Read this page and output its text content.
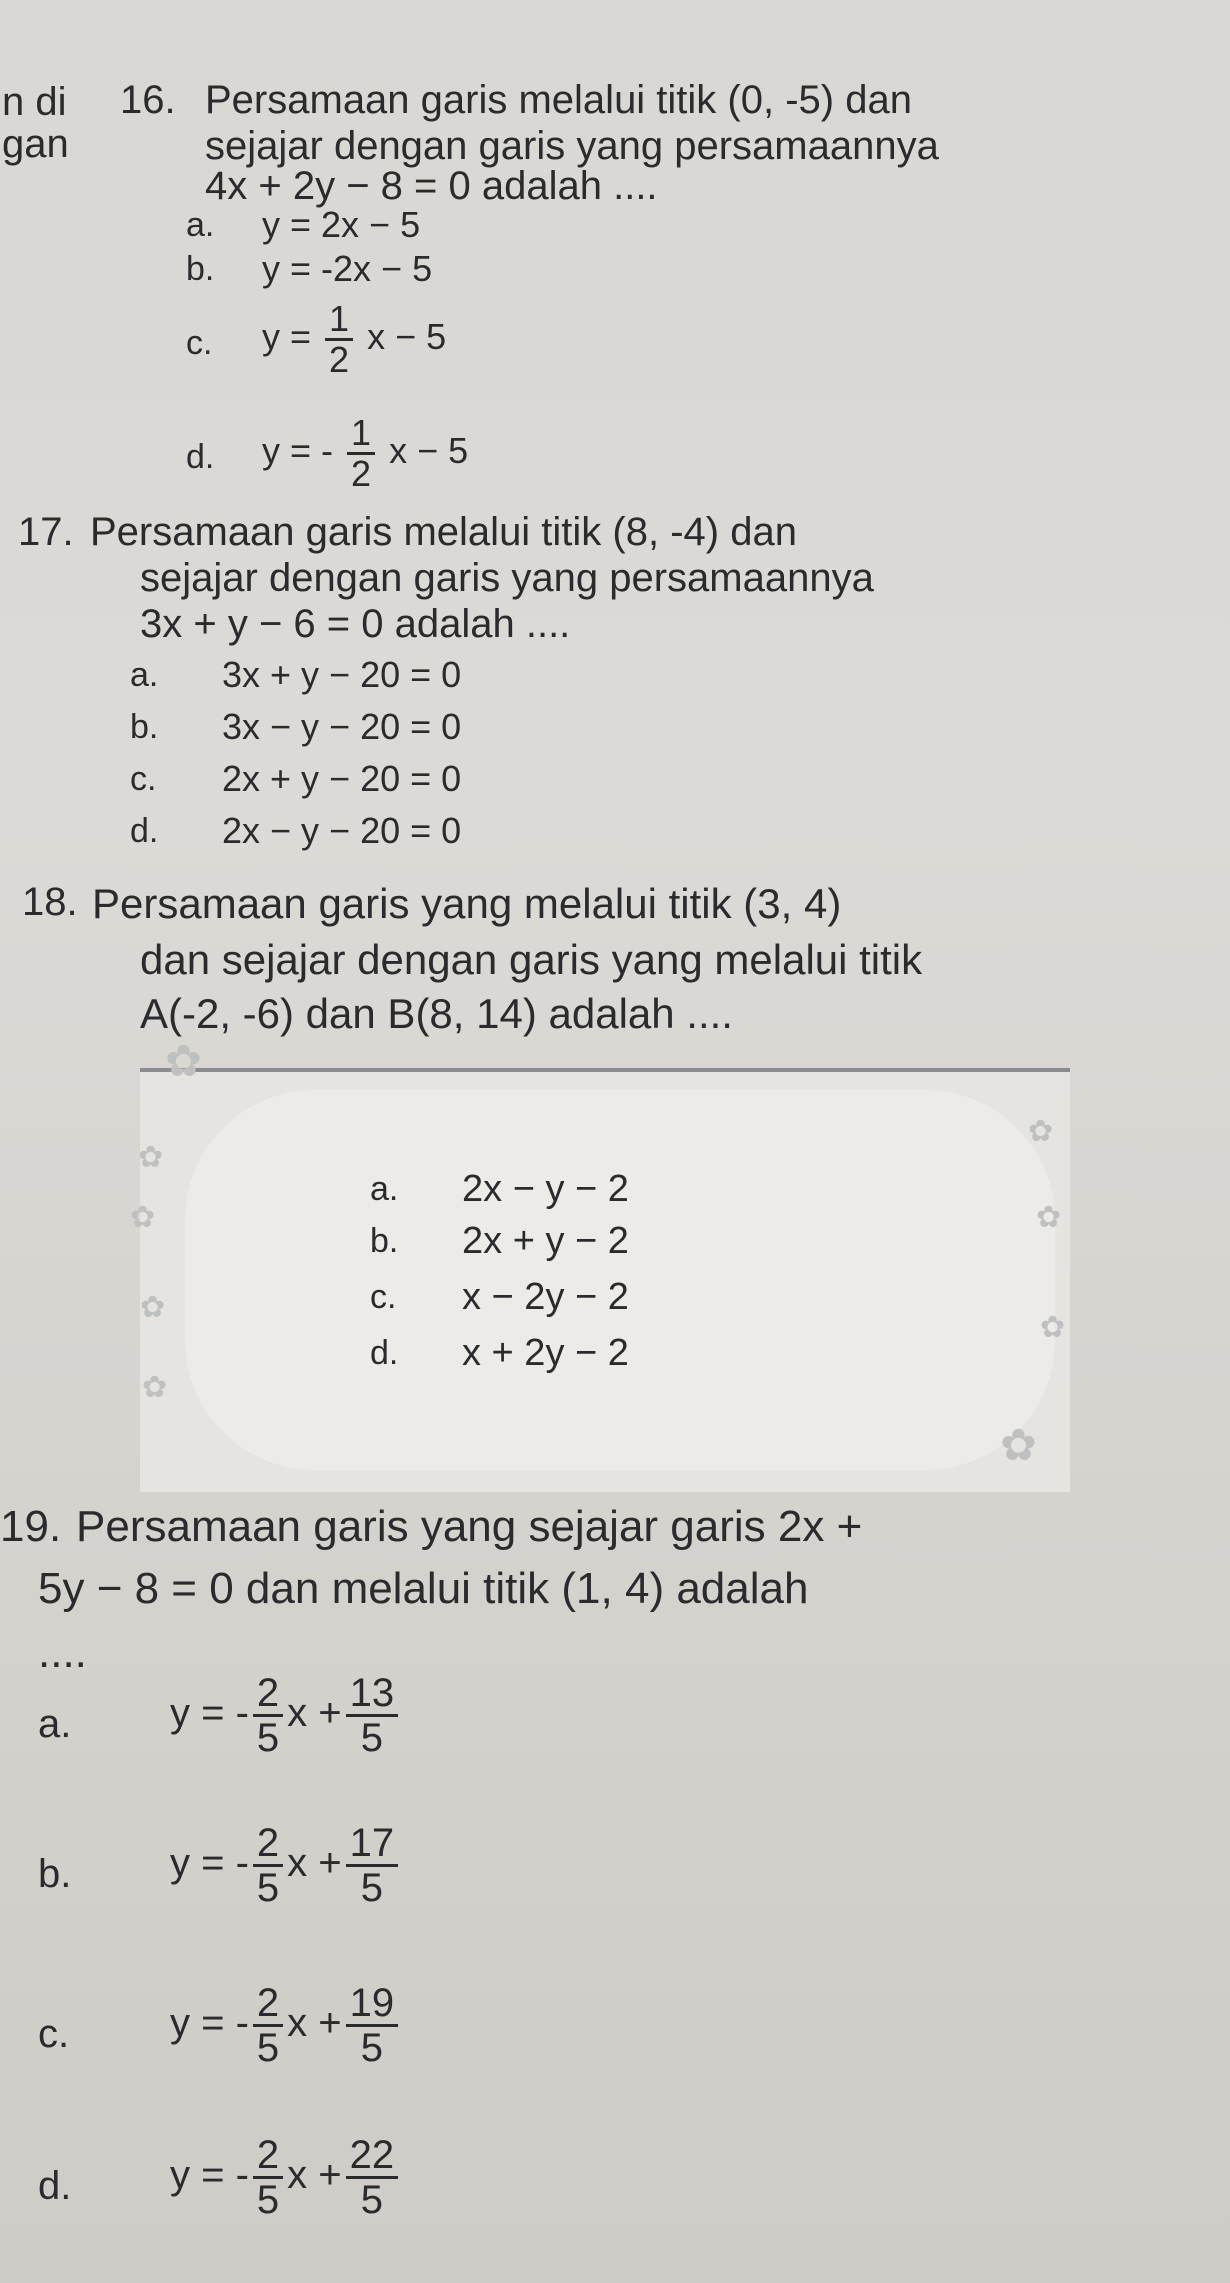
n di
gan
16. Persamaan garis melalui titik (0, -5) dan
sejajar dengan garis yang persamaannya
4x + 2y − 8 = 0 adalah ....
a. y = 2x − 5
b. y = -2x − 5
c. $y = \frac{1}{2}$ x − 5
d. y = - $\frac{1}{2}$ x − 5
17. Persamaan garis melalui titik (8, -4) dan
sejajar dengan garis yang persamaannya
3x + y − 6 = 0 adalah ....
a. 3x + y − 20 = 0
b. 3x − y − 20 = 0
c. 2x + y − 20 = 0
d. 2x − y − 20 = 0
18. Persamaan garis yang melalui titik (3, 4)
dan sejajar dengan garis yang melalui titik
A(-2, -6) dan B(8, 14) adalah ....
✿
✿
✿
✿
✿
✿
✿
✿
✿
a. 2x − y − 2
b. 2x + y − 2
c. x − 2y − 2
d. x + 2y − 2
19. Persamaan garis yang sejajar garis 2x +
5y − 8 = 0 dan melalui titik (1, 4) adalah
....
a. y = - $\frac{2}{5}$ $x + \frac{13}{5}$
b. y = - $\frac{2}{5}$ $x + \frac{17}{5}$
c.	y = - $\frac{2}{5}$ $x + \frac{19}{5}$
d. y = - $\frac{2}{5}$ $x + \frac{22}{5}$
